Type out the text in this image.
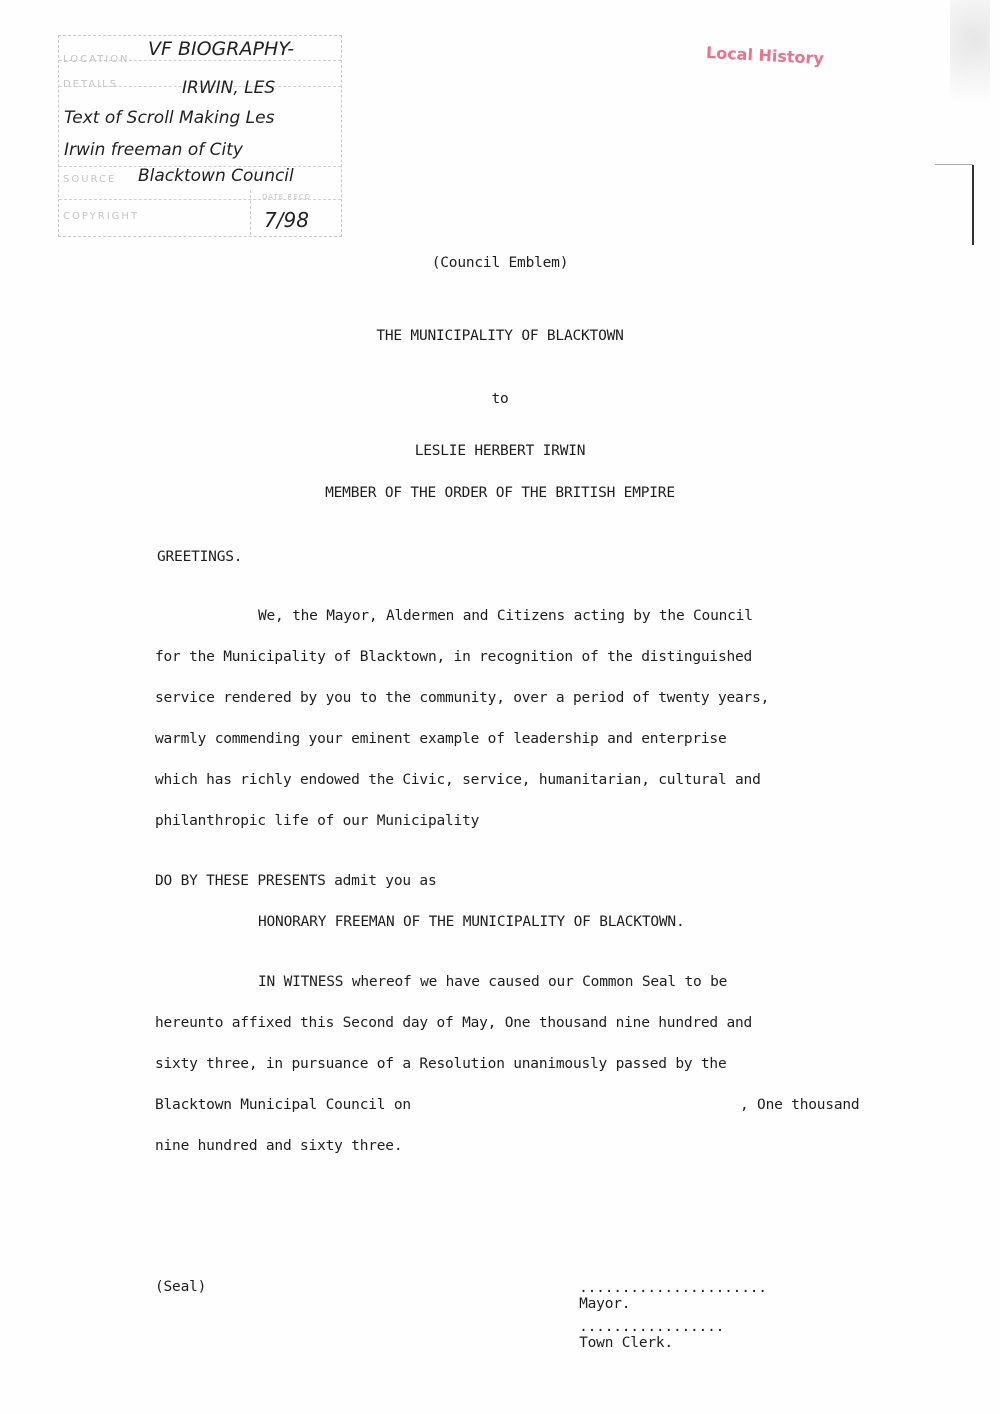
LOCATION
DETAILS
SOURCE
COPYRIGHT
DATE RECD
VF BIOGRAPHY-
IRWIN, LES
Text of Scroll Making Les
Irwin freeman of City
Blacktown Council
7/98
Local History
(Council Emblem)
THE MUNICIPALITY OF BLACKTOWN
to
LESLIE HERBERT IRWIN
MEMBER OF THE ORDER OF THE BRITISH EMPIRE
GREETINGS.
We, the Mayor, Aldermen and Citizens acting by the Council
for the Municipality of Blacktown, in recognition of the distinguished
service rendered by you to the community, over a period of twenty years,
warmly commending your eminent example of leadership and enterprise
which has richly endowed the Civic, service, humanitarian, cultural and
philanthropic life of our Municipality
DO BY THESE PRESENTS admit you as
HONORARY FREEMAN OF THE MUNICIPALITY OF BLACKTOWN.
IN WITNESS whereof we have caused our Common Seal to be
hereunto affixed this Second day of May, One thousand nine hundred and
sixty three, in pursuance of a Resolution unanimously passed by the
Blacktown Municipal Council on	, One thousand
nine hundred and sixty three.
(Seal)	......................
Mayor.

.................
Town Clerk.
